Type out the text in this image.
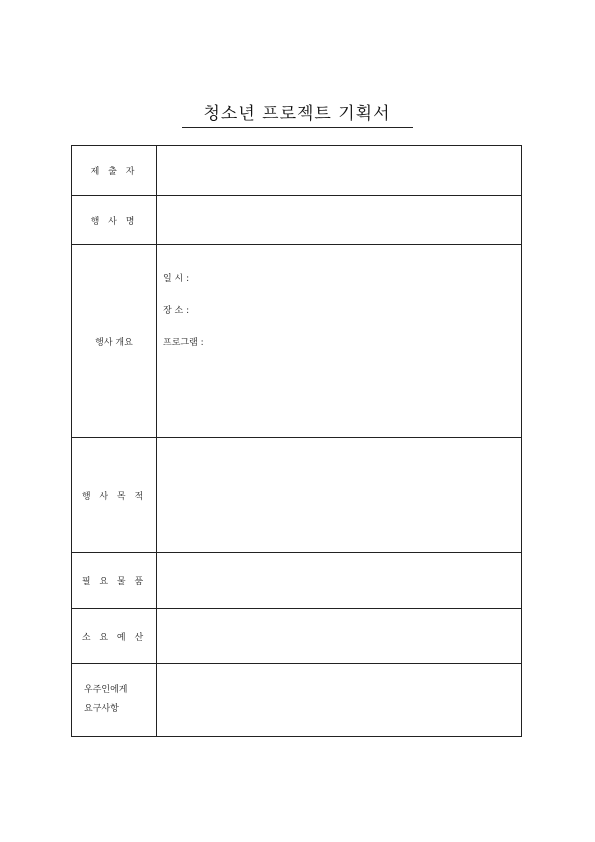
청소년 프로젝트 기획서
제 출 자	
행 사 명	
행사 개요	일 시 :
장 소 :
프로그램 :

행 사 목 적	
필 요 물 품	
소 요 예 산	

우주인에게
요구사항	
